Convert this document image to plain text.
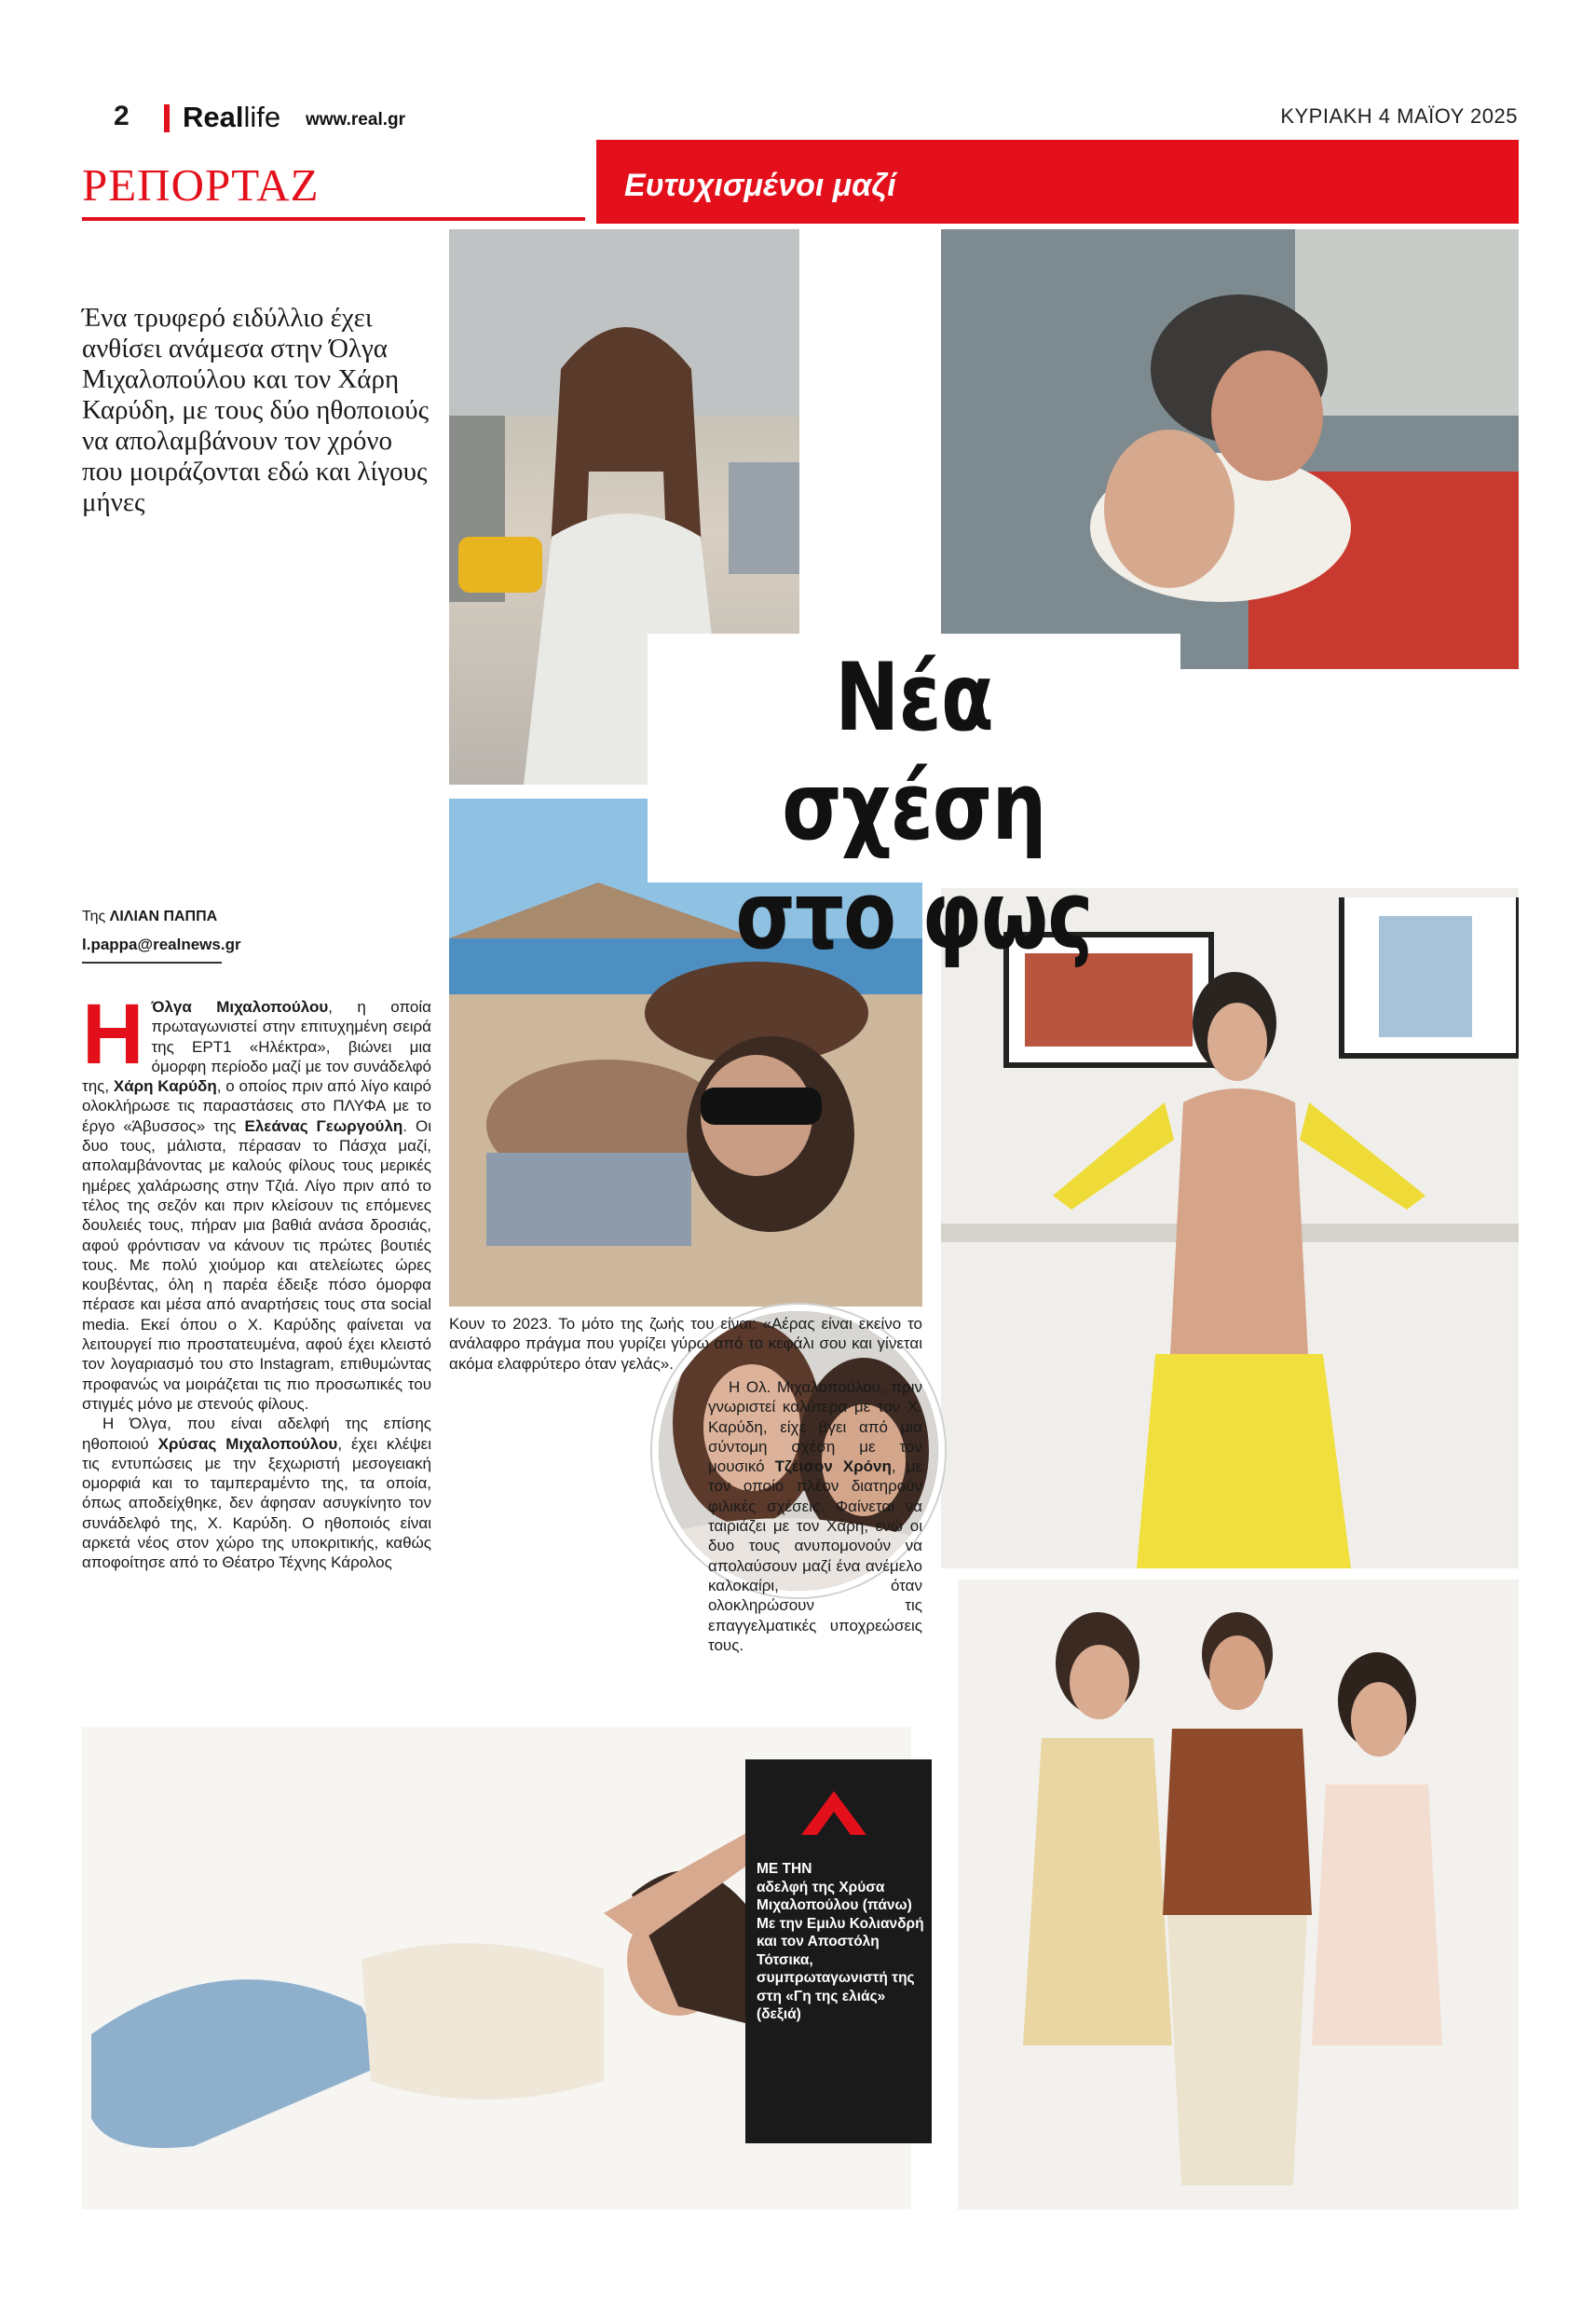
2 Reallife www.real.gr	ΚΥΡΙΑΚΗ 4 ΜΑΪΟΥ 2025
ΡΕΠΟΡΤΑΖ	Ευτυχισμένοι μαζί
Ένα τρυφερό ειδύλλιο έχει ανθίσει ανάμεσα στην Όλγα Μιχαλοπούλου και τον Χάρη Καρύδη, με τους δύο ηθοποιούς να απολαμβάνουν τον χρόνο που μοιράζονται εδώ και λίγους μήνες
Της ΛΙΛΙΑΝ ΠΑΠΠΑ
l.pappa@realnews.gr
Νέα σχέση
στο φως

Η Όλγα Μιχαλοπούλου, η οποία πρωταγωνιστεί στην επιτυχημένη σειρά της ΕΡΤ1 «Ηλέκτρα», βιώνει μια όμορφη περίοδο μαζί με τον συνάδελφό της, Χάρη Καρύδη, ο οποίος πριν από λίγο καιρό ολοκλήρωσε τις παραστάσεις στο ΠΛΥΦΑ με το έργο «Άβυσσος» της Ελεάνας Γεωργούλη. Οι δυο τους, μάλιστα, πέρασαν το Πάσχα μαζί, απολαμβάνοντας με καλούς φίλους τους μερικές ημέρες χαλάρωσης στην Τζιά. Λίγο πριν από το τέλος της σεζόν και πριν κλείσουν τις επόμενες δουλειές τους, πήραν μια βαθιά ανάσα δροσιάς, αφού φρόντισαν να κάνουν τις πρώτες βουτιές τους. Με πολύ χιούμορ και ατελείωτες ώρες κουβέντας, όλη η παρέα έδειξε πόσο όμορφα πέρασε και μέσα από αναρτήσεις τους στα social media. Εκεί όπου ο Χ. Καρύδης φαίνεται να λειτουργεί πιο προστατευμένα, αφού έχει κλειστό τον λογαριασμό του στο Instagram, επιθυμώντας προφανώς να μοιράζεται τις πιο προσωπικές του στιγμές μόνο με στενούς φίλους.

Η Όλγα, που είναι αδελφή της επίσης ηθοποιού Χρύσας Μιχαλοπούλου, έχει κλέψει τις εντυπώσεις με την ξεχωριστή μεσογειακή ομορφιά και το ταμπεραμέντο της, τα οποία, όπως αποδείχθηκε, δεν άφησαν ασυγκίνητο τον συνάδελφό της, Χ. Καρύδη. Ο ηθοποιός είναι αρκετά νέος στον χώρο της υποκριτικής, καθώς αποφοίτησε από το Θέατρο Τέχνης Κάρολος

Κουν το 2023. Το μότο της ζωής του είναι: «Αέρας είναι εκείνο το ανάλαφρο πράγμα που γυρίζει γύρω από το κεφάλι σου και γίνεται ακόμα ελαφρύτερο όταν γελάς».

Η Ολ. Μιχαλοπούλου, πριν γνωριστεί καλύτερα με τον Χ. Καρύδη, είχε βγει από μια σύντομη σχέση με τον μουσικό Τζέισον Χρόνη, με τον οποίο πλέον διατηρούν φιλικές σχέσεις. Φαίνεται να ταιριάζει με τον Χάρη, ενώ οι δυο τους ανυπομονούν να απολαύσουν μαζί ένα ανέμελο καλοκαίρι, όταν ολοκληρώσουν τις επαγγελματικές υποχρεώσεις τους.

ΜΕ ΤΗΝ
αδελφή της Χρύσα Μιχαλοπούλου (πάνω) Με την Εμιλυ Κολιανδρή και τον Αποστόλη Τότσικα, συμπρωταγωνιστή της στη «Γη της ελιάς» (δεξιά)
